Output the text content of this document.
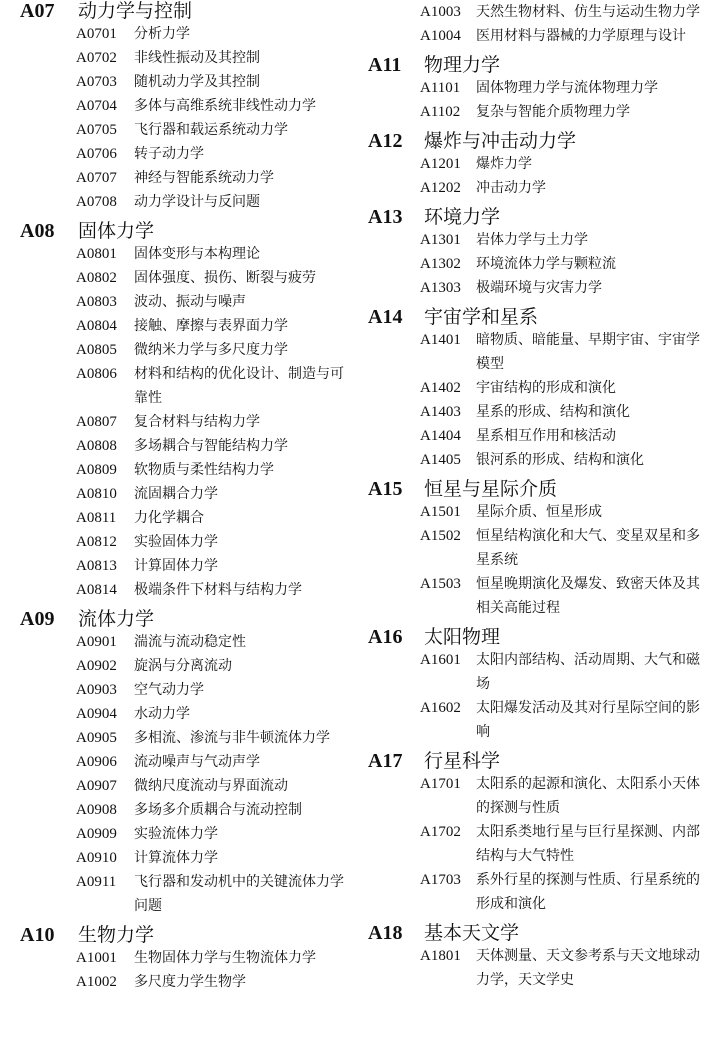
A07 动力学与控制
A0701 分析力学
A0702 非线性振动及其控制
A0703 随机动力学及其控制
A0704 多体与高维系统非线性动力学
A0705 飞行器和载运系统动力学
A0706 转子动力学
A0707 神经与智能系统动力学
A0708 动力学设计与反问题
A08 固体力学
A0801 固体变形与本构理论
A0802 固体强度、损伤、断裂与疲劳
A0803 波动、振动与噪声
A0804 接触、摩擦与表界面力学
A0805 微纳米力学与多尺度力学
A0806 材料和结构的优化设计、制造与可靠性
A0807 复合材料与结构力学
A0808 多场耦合与智能结构力学
A0809 软物质与柔性结构力学
A0810 流固耦合力学
A0811 力化学耦合
A0812 实验固体力学
A0813 计算固体力学
A0814 极端条件下材料与结构力学
A09 流体力学
A0901 湍流与流动稳定性
A0902 旋涡与分离流动
A0903 空气动力学
A0904 水动力学
A0905 多相流、渗流与非牛顿流体力学
A0906 流动噪声与气动声学
A0907 微纳尺度流动与界面流动
A0908 多场多介质耦合与流动控制
A0909 实验流体力学
A0910 计算流体力学
A0911 飞行器和发动机中的关键流体力学问题
A10 生物力学
A1001 生物固体力学与生物流体力学
A1002 多尺度力学生物学
A1003 天然生物材料、仿生与运动生物力学
A1004 医用材料与器械的力学原理与设计
A11 物理力学
A1101 固体物理力学与流体物理力学
A1102 复杂与智能介质物理力学
A12 爆炸与冲击动力学
A1201 爆炸力学
A1202 冲击动力学
A13 环境力学
A1301 岩体力学与土力学
A1302 环境流体力学与颗粒流
A1303 极端环境与灾害力学
A14 宇宙学和星系
A1401 暗物质、暗能量、早期宇宙、宇宙学模型
A1402 宇宙结构的形成和演化
A1403 星系的形成、结构和演化
A1404 星系相互作用和核活动
A1405 银河系的形成、结构和演化
A15 恒星与星际介质
A1501 星际介质、恒星形成
A1502 恒星结构演化和大气、变星双星和多星系统
A1503 恒星晚期演化及爆发、致密天体及其相关高能过程
A16 太阳物理
A1601 太阳内部结构、活动周期、大气和磁场
A1602 太阳爆发活动及其对行星际空间的影响
A17 行星科学
A1701 太阳系的起源和演化、太阳系小天体的探测与性质
A1702 太阳系类地行星与巨行星探测、内部结构与大气特性
A1703 系外行星的探测与性质、行星系统的形成和演化
A18 基本天文学
A1801 天体测量、天文参考系与天文地球动力学，天文学史
